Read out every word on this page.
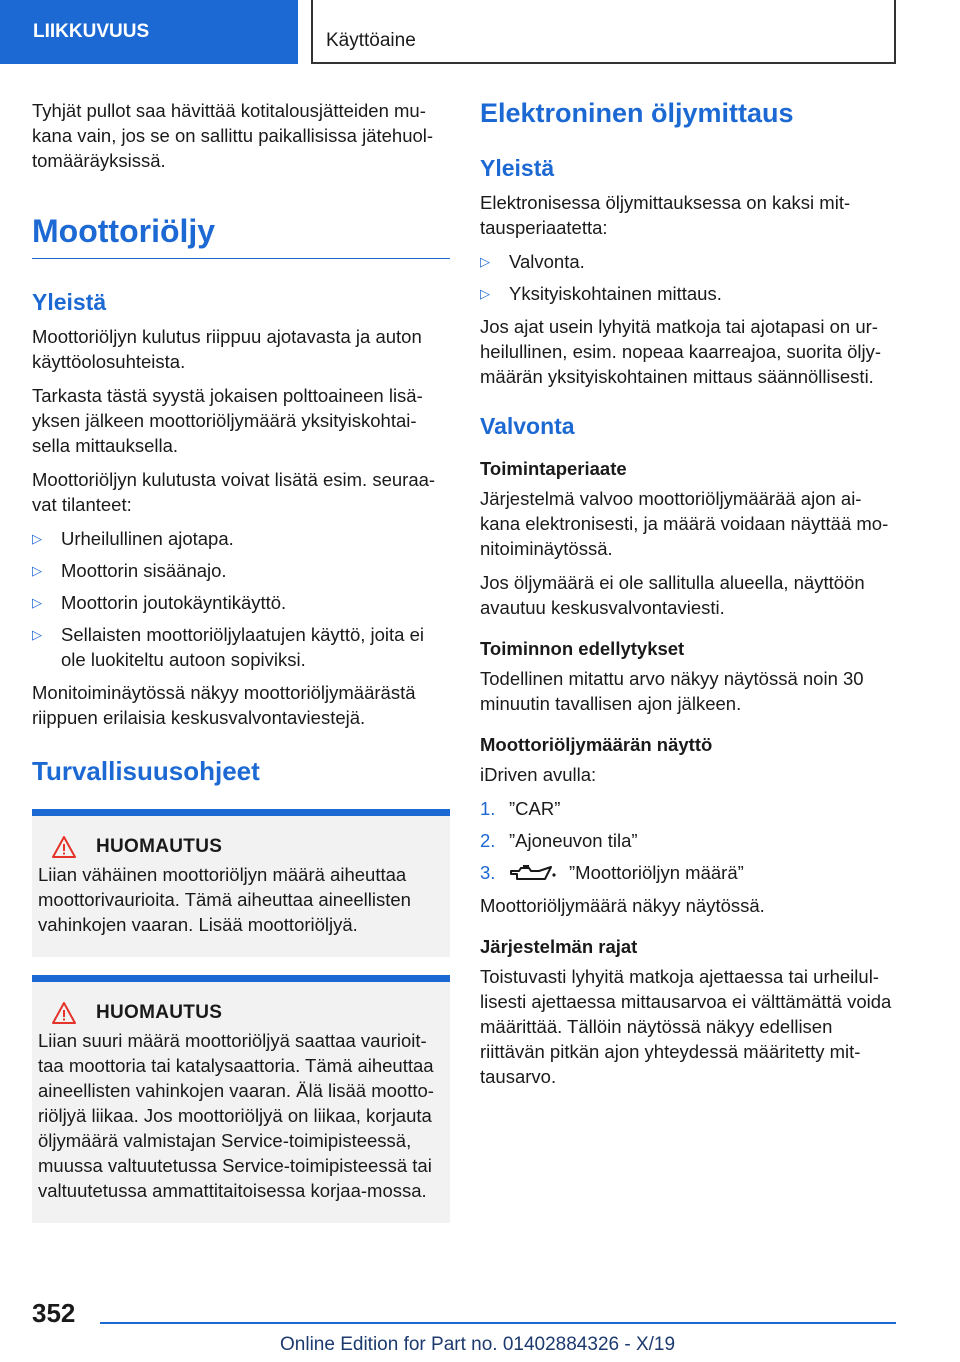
LIIKKUVUUS	Käyttöaine

Tyhjät pullot saa hävittää kotitalousjätteiden mu-kana vain, jos se on sallittu paikallisissa jätehuol-tomääräyksissä.

Moottoriöljy
Yleistä

Moottoriöljyn kulutus riippuu ajotavasta ja auton käyttöolosuhteista.

Tarkasta tästä syystä jokaisen polttoaineen lisä-yksen jälkeen moottoriöljymäärä yksityiskohtai-sella mittauksella.

Moottoriöljyn kulutusta voivat lisätä esim. seuraa-vat tilanteet:

▷ Urheilullinen ajotapa.
▷ Moottorin sisäänajo.
▷ Moottorin joutokäyntikäyttö.
▷ Sellaisten moottoriöljylaatujen käyttö, joita ei ole luokiteltu autoon sopiviksi.

Monitoiminäytössä näkyy moottoriöljymäärästä riippuen erilaisia keskusvalvontaviestejä.

Turvallisuusohjeet
HUOMAUTUS

Liian vähäinen moottoriöljyn määrä aiheuttaa moottorivaurioita. Tämä aiheuttaa aineellisten vahinkojen vaaran. Lisää moottoriöljyä.

HUOMAUTUS

Liian suuri määrä moottoriöljyä saattaa vaurioit-taa moottoria tai katalysaattoria. Tämä aiheuttaa aineellisten vahinkojen vaaran. Älä lisää mootto-riöljyä liikaa. Jos moottoriöljyä on liikaa, korjauta öljymäärä valmistajan Service-toimipisteessä, muussa valtuutetussa Service-toimipisteessä tai valtuutetussa ammattitaitoisessa korjaa-mossa.

Elektroninen öljymittaus
Yleistä

Elektronisessa öljymittauksessa on kaksi mit-tausperiaatetta:

▷ Valvonta.
▷ Yksityiskohtainen mittaus.

Jos ajat usein lyhyitä matkoja tai ajotapasi on ur-heilullinen, esim. nopeaa kaarreajoa, suorita öljy-määrän yksityiskohtainen mittaus säännöllisesti.

Valvonta
Toimintaperiaate

Järjestelmä valvoo moottoriöljymäärää ajon ai-kana elektronisesti, ja määrä voidaan näyttää mo-nitoiminäytössä.

Jos öljymäärä ei ole sallitulla alueella, näyttöön avautuu keskusvalvontaviesti.

Toiminnon edellytykset

Todellinen mitattu arvo näkyy näytössä noin 30 minuutin tavallisen ajon jälkeen.

Moottoriöljymäärän näyttö

iDriven avulla:

1. ”CAR”
2. ”Ajoneuvon tila”
3.	”Moottoriöljyn määrä”

Moottoriöljymäärä näkyy näytössä.

Järjestelmän rajat

Toistuvasti lyhyitä matkoja ajettaessa tai urheilul-lisesti ajettaessa mittausarvoa ei välttämättä voida määrittää. Tällöin näytössä näkyy edellisen riittävän pitkän ajon yhteydessä määritetty mit-tausarvo.

352
Online Edition for Part no. 01402884326 - X/19
